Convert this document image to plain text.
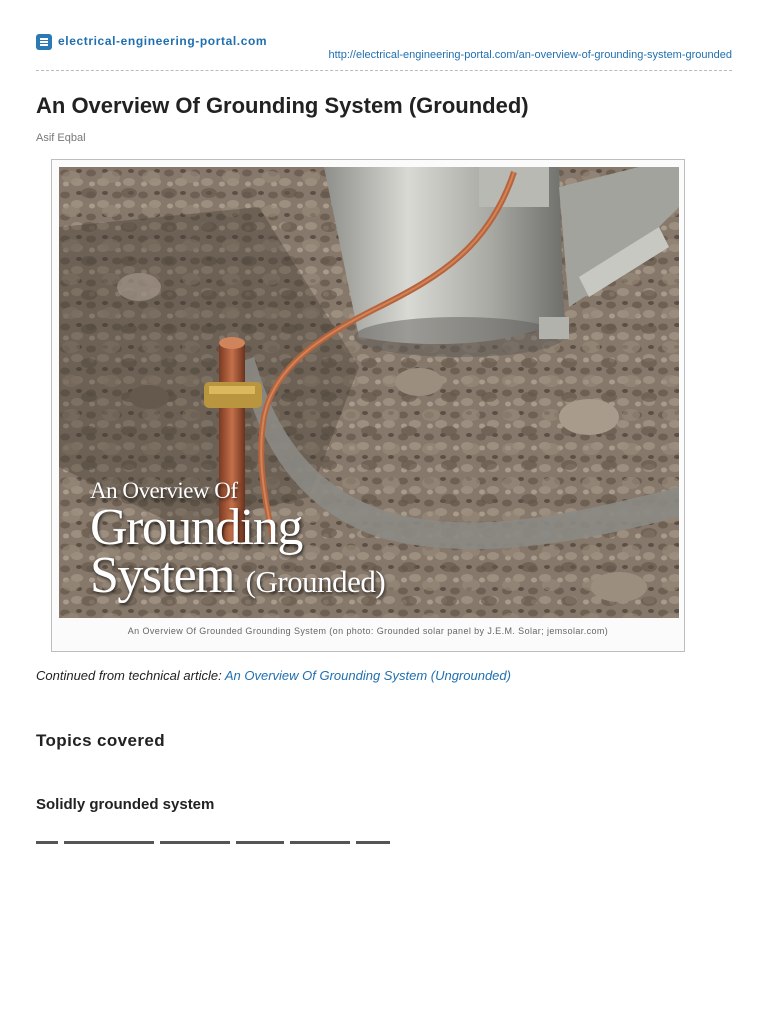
electrical-engineering-portal.com
http://electrical-engineering-portal.com/an-overview-of-grounding-system-grounded
An Overview Of Grounding System (Grounded)
Asif Eqbal
An Overview Of
Grounding
System (Grounded)
An Overview Of Grounded Grounding System (on photo: Grounded solar panel by J.E.M. Solar; jemsolar.com)
Continued from technical article: An Overview Of Grounding System (Ungrounded)
Topics covered
Solidly grounded system
